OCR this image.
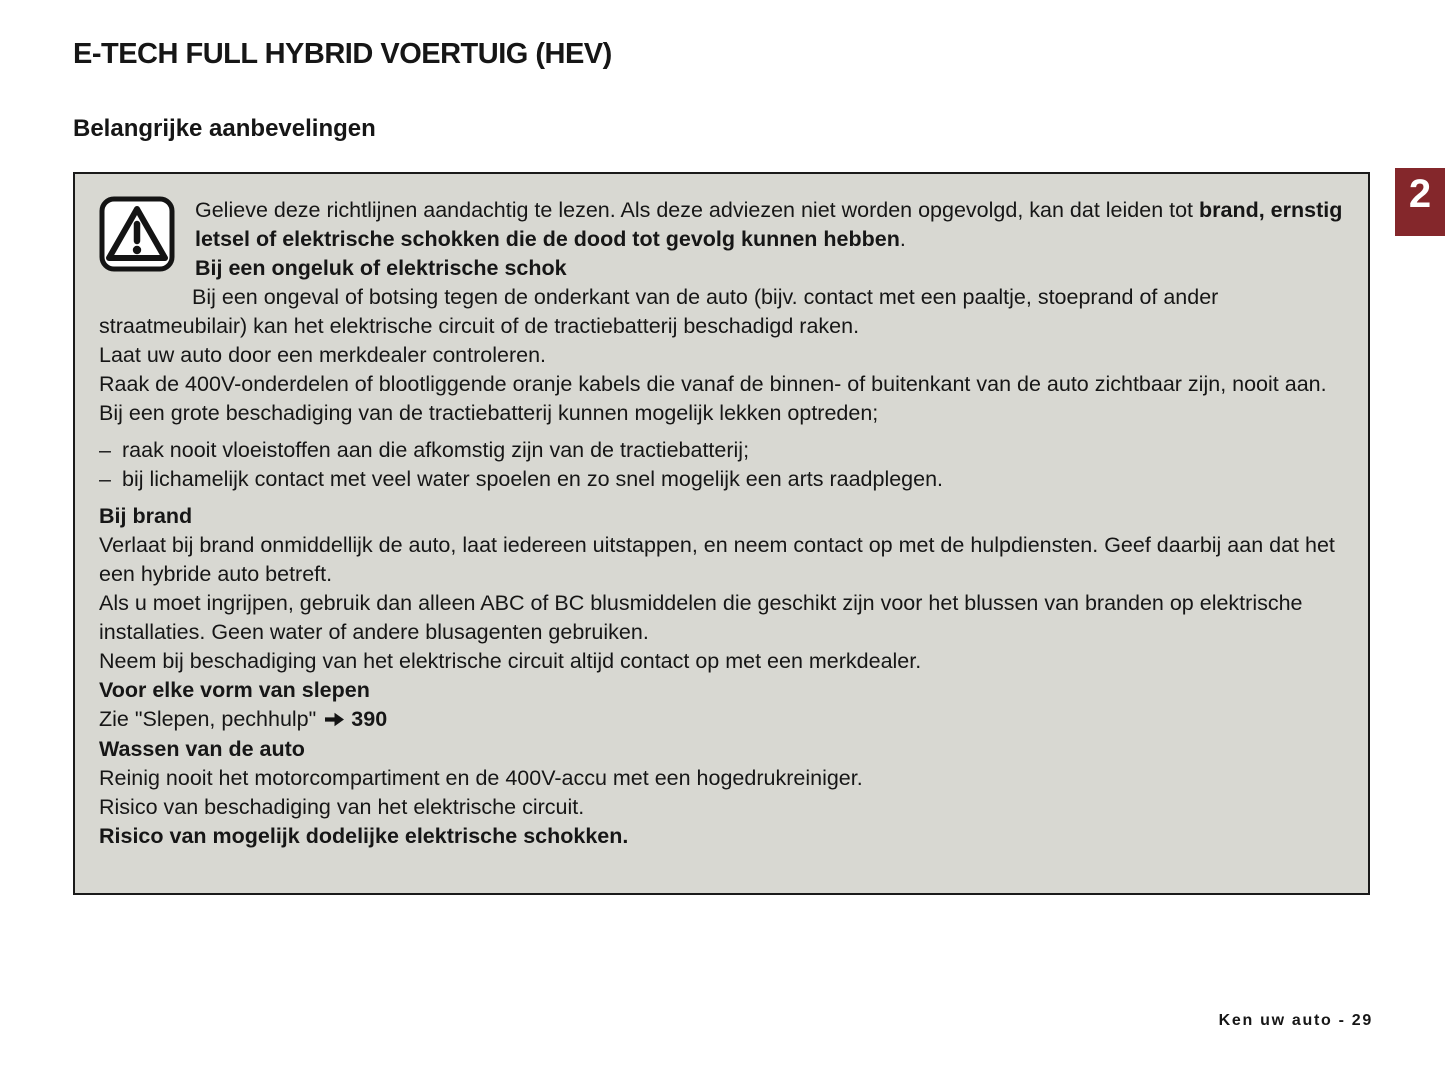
E-TECH FULL HYBRID VOERTUIG (HEV)
Belangrijke aanbevelingen
2

Gelieve deze richtlijnen aandachtig te lezen. Als deze adviezen niet worden opgevolgd, kan dat leiden tot brand, ernstig letsel of elektrische schokken die de dood tot gevolg kunnen hebben.

Bij een ongeluk of elektrische schok

Bij een ongeval of botsing tegen de onderkant van de auto (bijv. contact met een paaltje, stoeprand of ander straatmeubilair) kan het elektrische circuit of de tractiebatterij beschadigd raken.

Laat uw auto door een merkdealer controleren.

Raak de 400V-onderdelen of blootliggende oranje kabels die vanaf de binnen- of buitenkant van de auto zichtbaar zijn, nooit aan.

Bij een grote beschadiging van de tractiebatterij kunnen mogelijk lekken optreden;

– raak nooit vloeistoffen aan die afkomstig zijn van de tractiebatterij;
– bij lichamelijk contact met veel water spoelen en zo snel mogelijk een arts raadplegen.

Bij brand

Verlaat bij brand onmiddellijk de auto, laat iedereen uitstappen, en neem contact op met de hulpdiensten. Geef daarbij aan dat het een hybride auto betreft.

Als u moet ingrijpen, gebruik dan alleen ABC of BC blusmiddelen die geschikt zijn voor het blussen van branden op elektrische installaties. Geen water of andere blusagenten gebruiken.

Neem bij beschadiging van het elektrische circuit altijd contact op met een merkdealer.

Voor elke vorm van slepen

Zie "Slepen, pechhulp" 390

Wassen van de auto

Reinig nooit het motorcompartiment en de 400V-accu met een hogedrukreiniger.

Risico van beschadiging van het elektrische circuit.

Risico van mogelijk dodelijke elektrische schokken.

Ken uw auto - 29
